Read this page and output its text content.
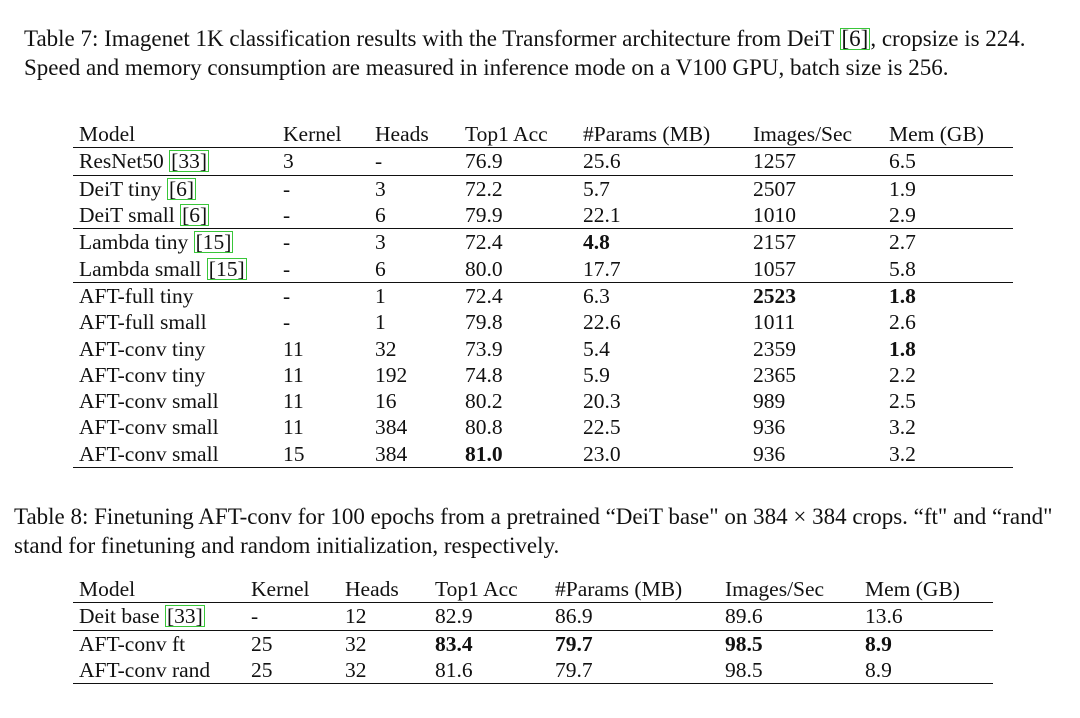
Table 7: Imagenet 1K classification results with the Transformer architecture from DeiT [6], cropsize is 224. Speed and memory consumption are measured in inference mode on a V100 GPU, batch size is 256.

Model	Kernel	Heads	Top1 Acc	#Params (MB)	Images/Sec	Mem (GB)
ResNet50 [33]	3	-	76.9	25.6	1257	6.5
DeiT tiny [6]	-	3	72.2	5.7	2507	1.9
DeiT small [6]	-	6	79.9	22.1	1010	2.9
Lambda tiny [15]	-	3	72.4	4.8	2157	2.7
Lambda small [15]	-	6	80.0	17.7	1057	5.8
AFT-full tiny	-	1	72.4	6.3	2523	1.8
AFT-full small	-	1	79.8	22.6	1011	2.6
AFT-conv tiny	11	32	73.9	5.4	2359	1.8
AFT-conv tiny	11	192	74.8	5.9	2365	2.2
AFT-conv small	11	16	80.2	20.3	989	2.5
AFT-conv small	11	384	80.8	22.5	936	3.2
AFT-conv small	15	384	81.0	23.0	936	3.2

Table 8: Finetuning AFT-conv for 100 epochs from a pretrained “DeiT base" on 384 × 384 crops. “ft" and “rand" stand for finetuning and random initialization, respectively.

Model	Kernel	Heads	Top1 Acc	#Params (MB)	Images/Sec	Mem (GB)
Deit base [33]	-	12	82.9	86.9	89.6	13.6
AFT-conv ft	25	32	83.4	79.7	98.5	8.9
AFT-conv rand	25	32	81.6	79.7	98.5	8.9
